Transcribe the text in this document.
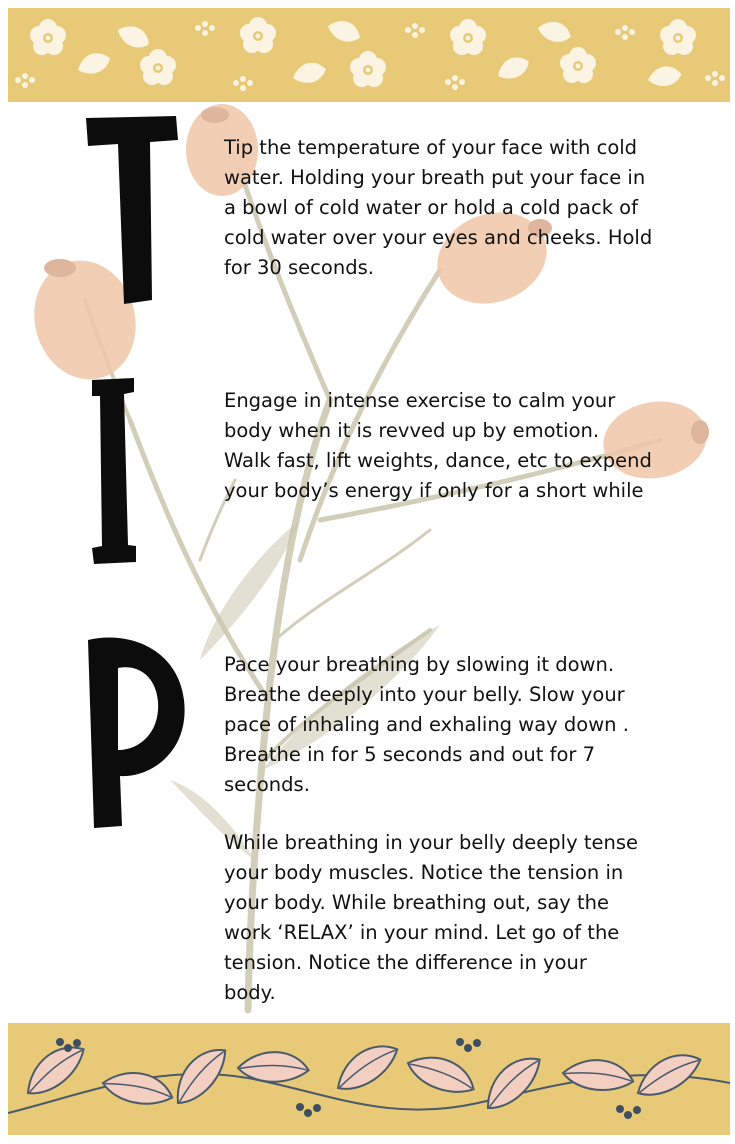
Tip the temperature of your face with cold
water. Holding your breath put your face in
a bowl of cold water or hold a cold pack of
cold water over your eyes and cheeks. Hold
for 30 seconds.

Engage in intense exercise to calm your
body when it is revved up by emotion.
Walk fast, lift weights, dance, etc to expend
your body’s energy if only for a short while

Pace your breathing by slowing it down.
Breathe deeply into your belly. Slow your
pace of inhaling and exhaling way down .
Breathe in for 5 seconds and out for 7
seconds.

While breathing in your belly deeply tense
your body muscles. Notice the tension in
your body. While breathing out, say the
work ‘RELAX’ in your mind. Let go of the
tension. Notice the difference in your
body.
